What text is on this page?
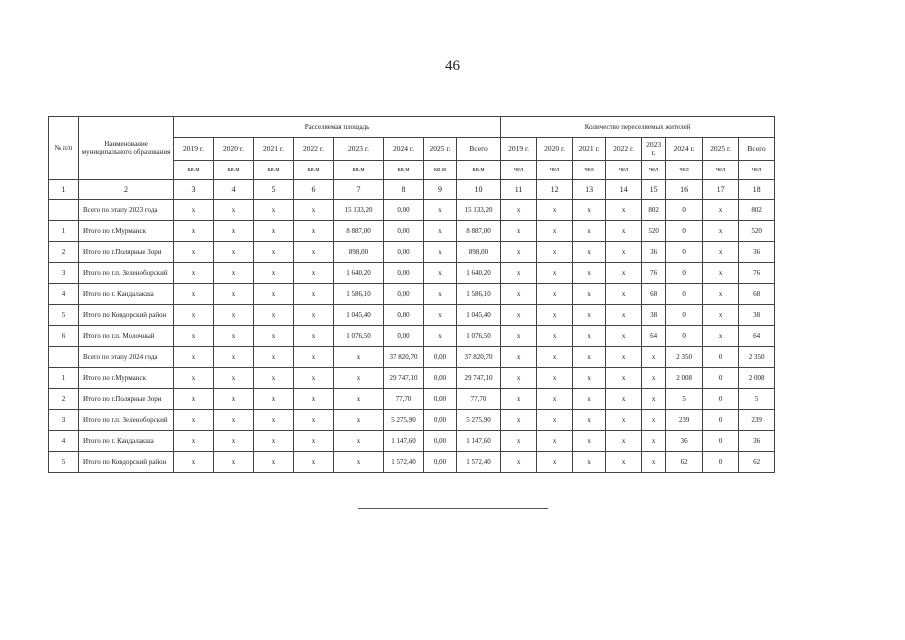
46
№ п/п	Наименование муниципального образования	Расселяемая площадь								Количество переселяемых жителей							
		2019 г.	2020 г.	2021 г.	2022 г.	2023 г.	2024 г.	2025 г.	Всего	2019 г.	2020 г.	2021 г.	2022 г.	2023 г.	2024 г.	2025 г.	Всего
		кв.м	кв.м	кв.м	кв.м	кв.м	кв.м	кв.м	кв.м	чел	чел	чел	чел	чел	чел	чел	чел
1	2	3	4	5	6	7	8	9	10	11	12	13	14	15	16	17	18
	Всего по этапу 2023 года	x	x	x	x	15 133,20	0,00	x	15 133,20	x	x	x	x	802	0	x	802
1	Итого по г.Мурманск	x	x	x	x	8 887,00	0,00	x	8 887,00	x	x	x	x	520	0	x	520
2	Итого по г.Полярные Зори	x	x	x	x	898,00	0,00	x	898,00	x	x	x	x	36	0	x	36
3	Итого по г.п. Зеленоборский	x	x	x	x	1 640,20	0,00	x	1 640,20	x	x	x	x	76	0	x	76
4	Итого по г. Кандалакша	x	x	x	x	1 586,10	0,00	x	1 586,10	x	x	x	x	68	0	x	68
5	Итого по Ковдорский район	x	x	x	x	1 045,40	0,00	x	1 045,40	x	x	x	x	38	0	x	38
6	Итого по г.п. Молочный	x	x	x	x	1 076,50	0,00	x	1 076,50	x	x	x	x	64	0	x	64
	Всего по этапу 2024 года	x	x	x	x	x	37 820,70	0,00	37 820,70	x	x	x	x	x	2 350	0	2 350
1	Итого по г.Мурманск	x	x	x	x	x	29 747,10	0,00	29 747,10	x	x	x	x	x	2 008	0	2 008
2	Итого по г.Полярные Зори	x	x	x	x	x	77,70	0,00	77,70	x	x	x	x	x	5	0	5
3	Итого по г.п. Зеленоборский	x	x	x	x	x	5 275,90	0,00	5 275,90	x	x	x	x	x	239	0	239
4	Итого по г. Кандалакша	x	x	x	x	x	1 147,60	0,00	1 147,60	x	x	x	x	x	36	0	36
5	Итого по Ковдорский район	x	x	x	x	x	1 572,40	0,00	1 572,40	x	x	x	x	x	62	0	62
